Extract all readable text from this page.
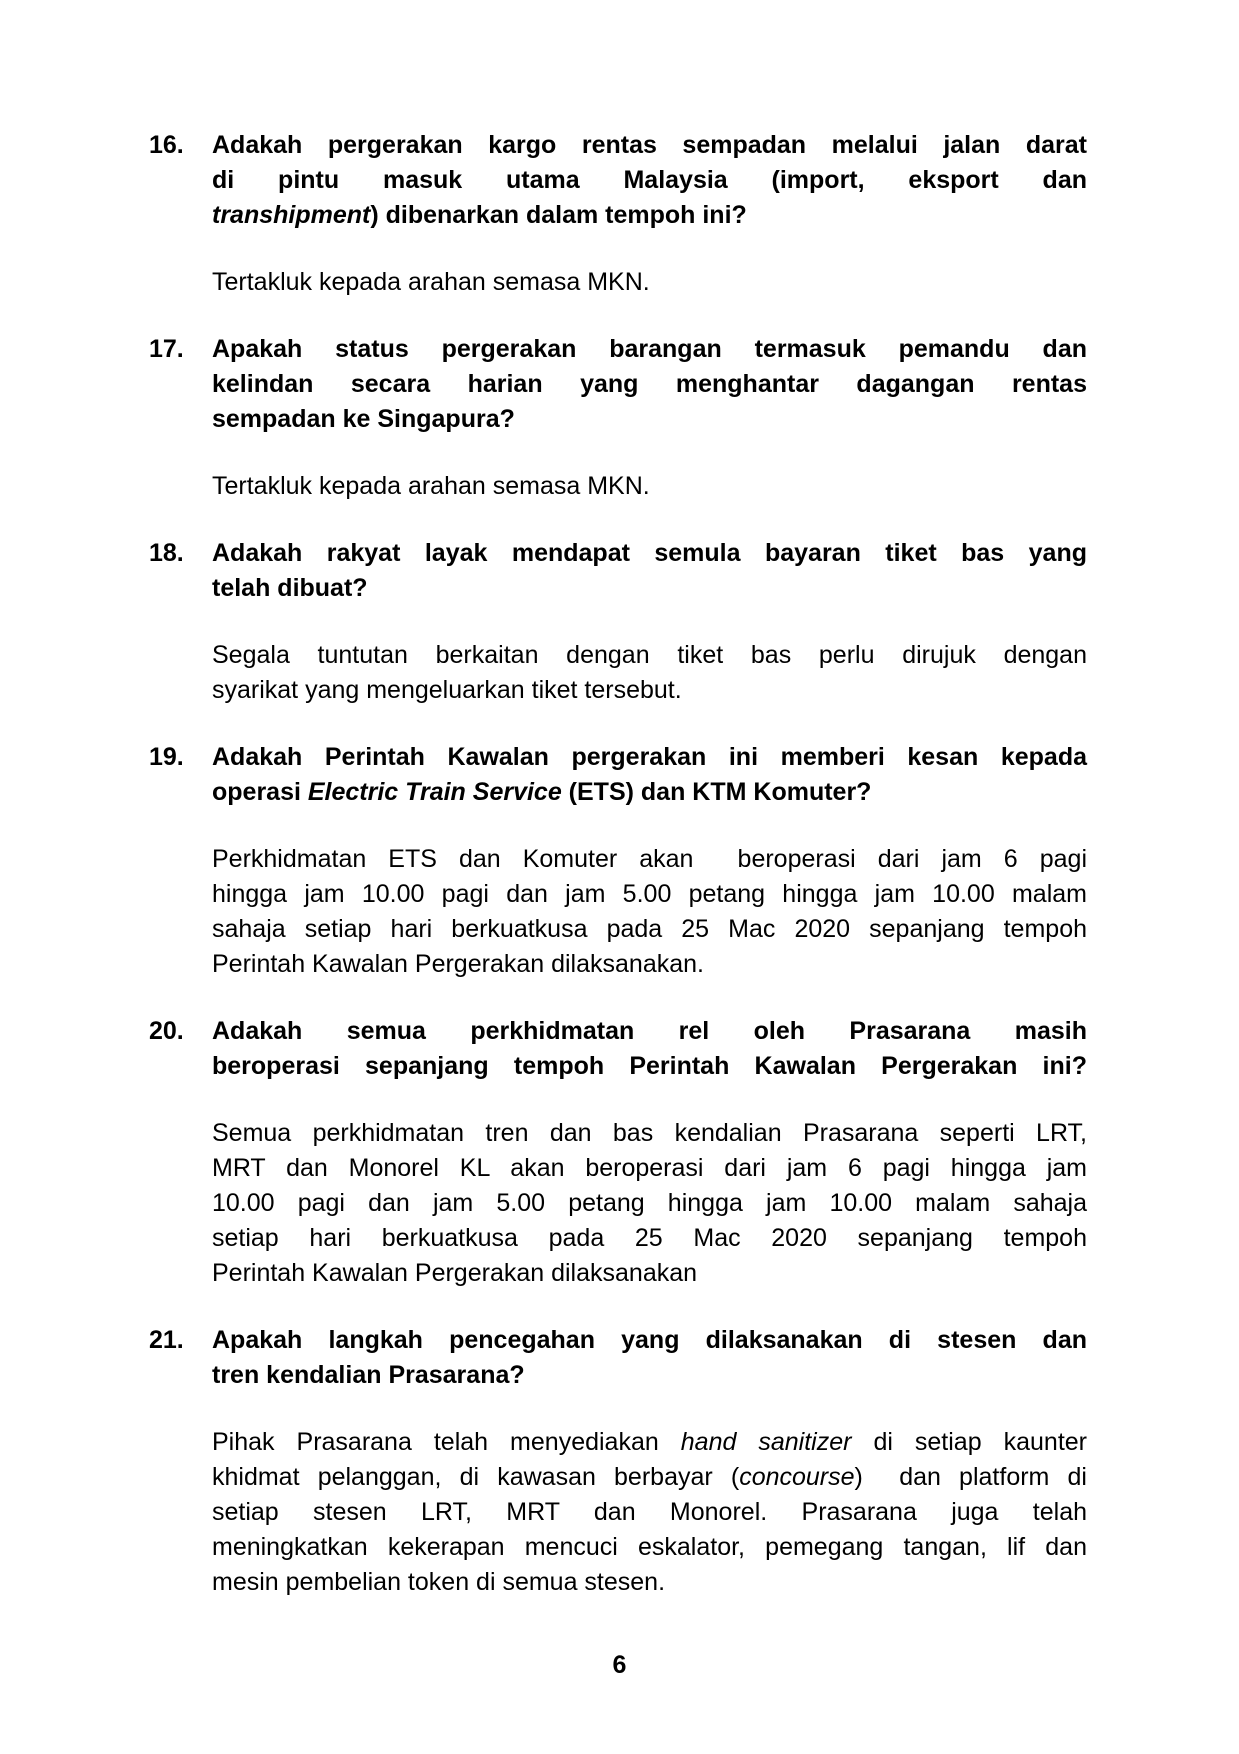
16.	Adakah pergerakan kargo rentas sempadan melalui jalan darat
di pintu masuk utama Malaysia (import, eksport dan
transhipment) dibenarkan dalam tempoh ini?
Tertakluk kepada arahan semasa MKN.
17.	Apakah status pergerakan barangan termasuk pemandu dan
kelindan secara harian yang menghantar dagangan rentas
sempadan ke Singapura?
Tertakluk kepada arahan semasa MKN.
18.	Adakah rakyat layak mendapat semula bayaran tiket bas yang
telah dibuat?
Segala tuntutan berkaitan dengan tiket bas perlu dirujuk dengan
syarikat yang mengeluarkan tiket tersebut.
19.	Adakah Perintah Kawalan pergerakan ini memberi kesan kepada
operasi Electric Train Service (ETS) dan KTM Komuter?
Perkhidmatan ETS dan Komuter akan  beroperasi dari jam 6 pagi
hingga jam 10.00 pagi dan jam 5.00 petang hingga jam 10.00 malam
sahaja setiap hari berkuatkusa pada 25 Mac 2020 sepanjang tempoh
Perintah Kawalan Pergerakan dilaksanakan.
20.	Adakah semua perkhidmatan rel oleh Prasarana masih
beroperasi sepanjang tempoh Perintah Kawalan Pergerakan ini?
Semua perkhidmatan tren dan bas kendalian Prasarana seperti LRT,
MRT dan Monorel KL akan beroperasi dari jam 6 pagi hingga jam
10.00 pagi dan jam 5.00 petang hingga jam 10.00 malam sahaja
setiap hari berkuatkusa pada 25 Mac 2020 sepanjang tempoh
Perintah Kawalan Pergerakan dilaksanakan
21.	Apakah langkah pencegahan yang dilaksanakan di stesen dan
tren kendalian Prasarana?
Pihak Prasarana telah menyediakan hand sanitizer di setiap kaunter
khidmat pelanggan, di kawasan berbayar (concourse)  dan platform di
setiap stesen LRT, MRT dan Monorel. Prasarana juga telah
meningkatkan kekerapan mencuci eskalator, pemegang tangan, lif dan
mesin pembelian token di semua stesen.
6
